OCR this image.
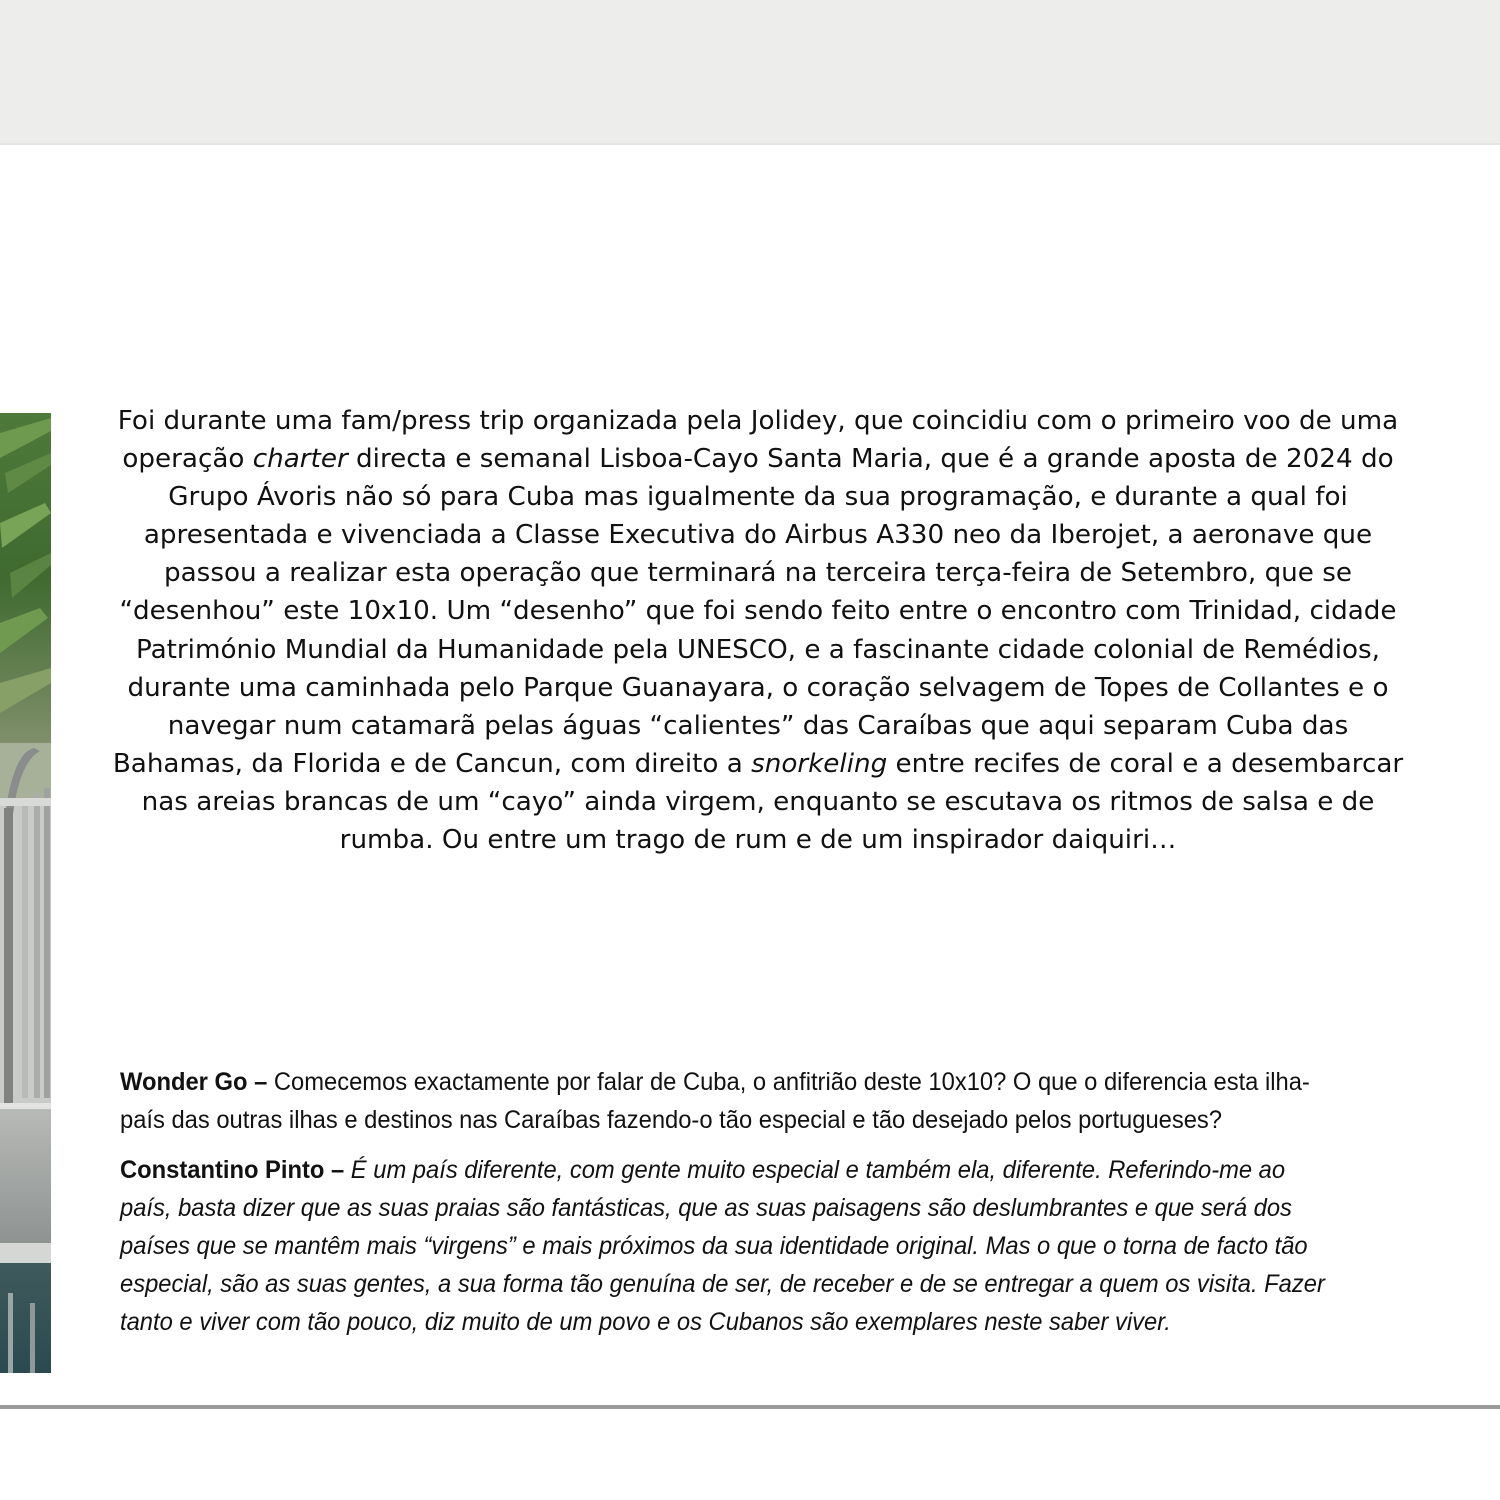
Foi durante uma fam/press trip organizada pela Jolidey, que coincidiu com o primeiro voo de uma operação charter directa e semanal Lisboa-Cayo Santa Maria, que é a grande aposta de 2024 do Grupo Ávoris não só para Cuba mas igualmente da sua programação, e durante a qual foi apresentada e vivenciada a Classe Executiva do Airbus A330 neo da Iberojet, a aeronave que passou a realizar esta operação que terminará na terceira terça-feira de Setembro, que se “desenhou” este 10x10. Um “desenho” que foi sendo feito entre o encontro com Trinidad, cidade Património Mundial da Humanidade pela UNESCO, e a fascinante cidade colonial de Remédios, durante uma caminhada pelo Parque Guanayara, o coração selvagem de Topes de Collantes e o navegar num catamarã pelas águas “calientes” das Caraíbas que aqui separam Cuba das Bahamas, da Florida e de Cancun, com direito a snorkeling entre recifes de coral e a desembarcar nas areias brancas de um “cayo” ainda virgem, enquanto se escutava os ritmos de salsa e de rumba. Ou entre um trago de rum e de um inspirador daiquiri…

Wonder Go – Comecemos exactamente por falar de Cuba, o anfitrião deste 10x10? O que o diferencia esta ilha-país das outras ilhas e destinos nas Caraíbas fazendo-o tão especial e tão desejado pelos portugueses?

Constantino Pinto – É um país diferente, com gente muito especial e também ela, diferente. Referindo-me ao país, basta dizer que as suas praias são fantásticas, que as suas paisagens são deslumbrantes e que será dos países que se mantêm mais “virgens” e mais próximos da sua identidade original. Mas o que o torna de facto tão especial, são as suas gentes, a sua forma tão genuína de ser, de receber e de se entregar a quem os visita. Fazer tanto e viver com tão pouco, diz muito de um povo e os Cubanos são exemplares neste saber viver.
